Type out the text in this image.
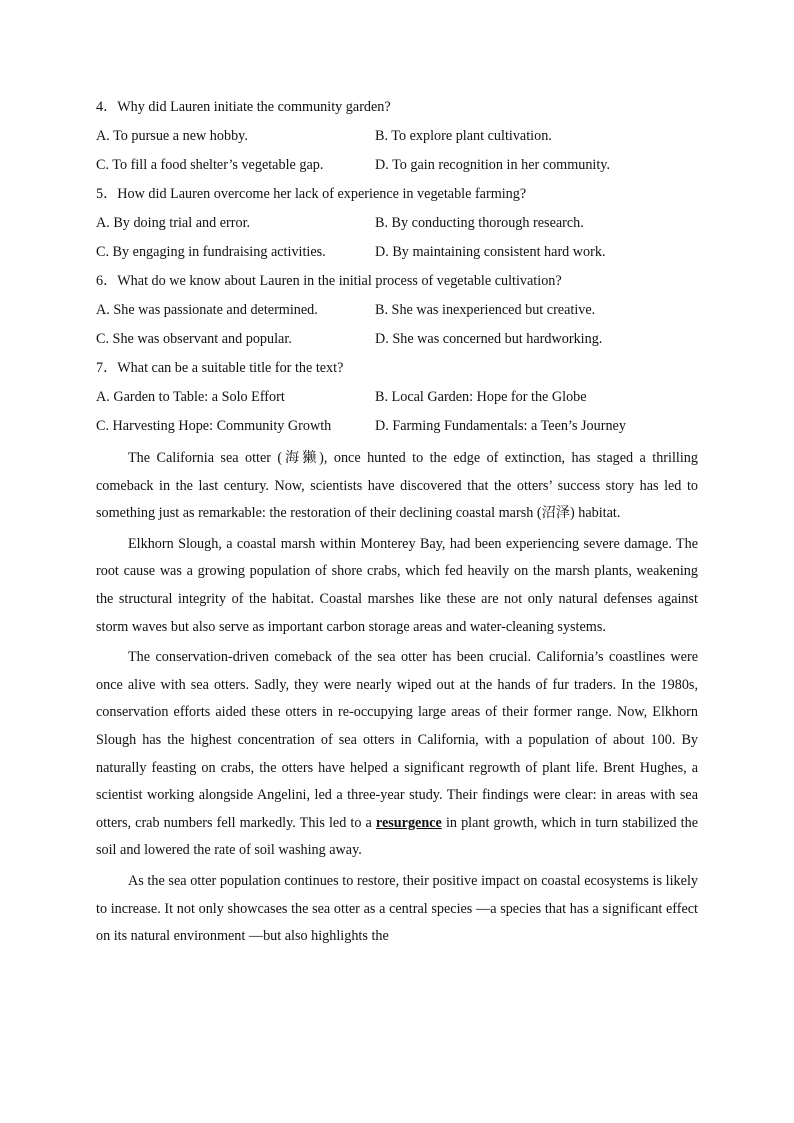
4．Why did Lauren initiate the community garden?
A. To pursue a new hobby.	B. To explore plant cultivation.
C. To fill a food shelter’s vegetable gap.	D. To gain recognition in her community.
5．How did Lauren overcome her lack of experience in vegetable farming?
A. By doing trial and error.	B. By conducting thorough research.
C. By engaging in fundraising activities.	D. By maintaining consistent hard work.
6．What do we know about Lauren in the initial process of vegetable cultivation?
A. She was passionate and determined.	B. She was inexperienced but creative.
C. She was observant and popular.	D. She was concerned but hardworking.
7．What can be a suitable title for the text?
A. Garden to Table: a Solo Effort	B. Local Garden: Hope for the Globe
C. Harvesting Hope: Community Growth	D. Farming Fundamentals: a Teen’s Journey

The California sea otter (海獭), once hunted to the edge of extinction, has staged a thrilling comeback in the last century. Now, scientists have discovered that the otters’ success story has led to something just as remarkable: the restoration of their declining coastal marsh (沼泽) habitat.

Elkhorn Slough, a coastal marsh within Monterey Bay, had been experiencing severe damage. The root cause was a growing population of shore crabs, which fed heavily on the marsh plants, weakening the structural integrity of the habitat. Coastal marshes like these are not only natural defenses against storm waves but also serve as important carbon storage areas and water-cleaning systems.

The conservation-driven comeback of the sea otter has been crucial. California’s coastlines were once alive with sea otters. Sadly, they were nearly wiped out at the hands of fur traders. In the 1980s, conservation efforts aided these otters in re-occupying large areas of their former range. Now, Elkhorn Slough has the highest concentration of sea otters in California, with a population of about 100. By naturally feasting on crabs, the otters have helped a significant regrowth of plant life. Brent Hughes, a scientist working alongside Angelini, led a three-year study. Their findings were clear: in areas with sea otters, crab numbers fell markedly. This led to a resurgence in plant growth, which in turn stabilized the soil and lowered the rate of soil washing away.

As the sea otter population continues to restore, their positive impact on coastal ecosystems is likely to increase. It not only showcases the sea otter as a central species —a species that has a significant effect on its natural environment —but also highlights the
